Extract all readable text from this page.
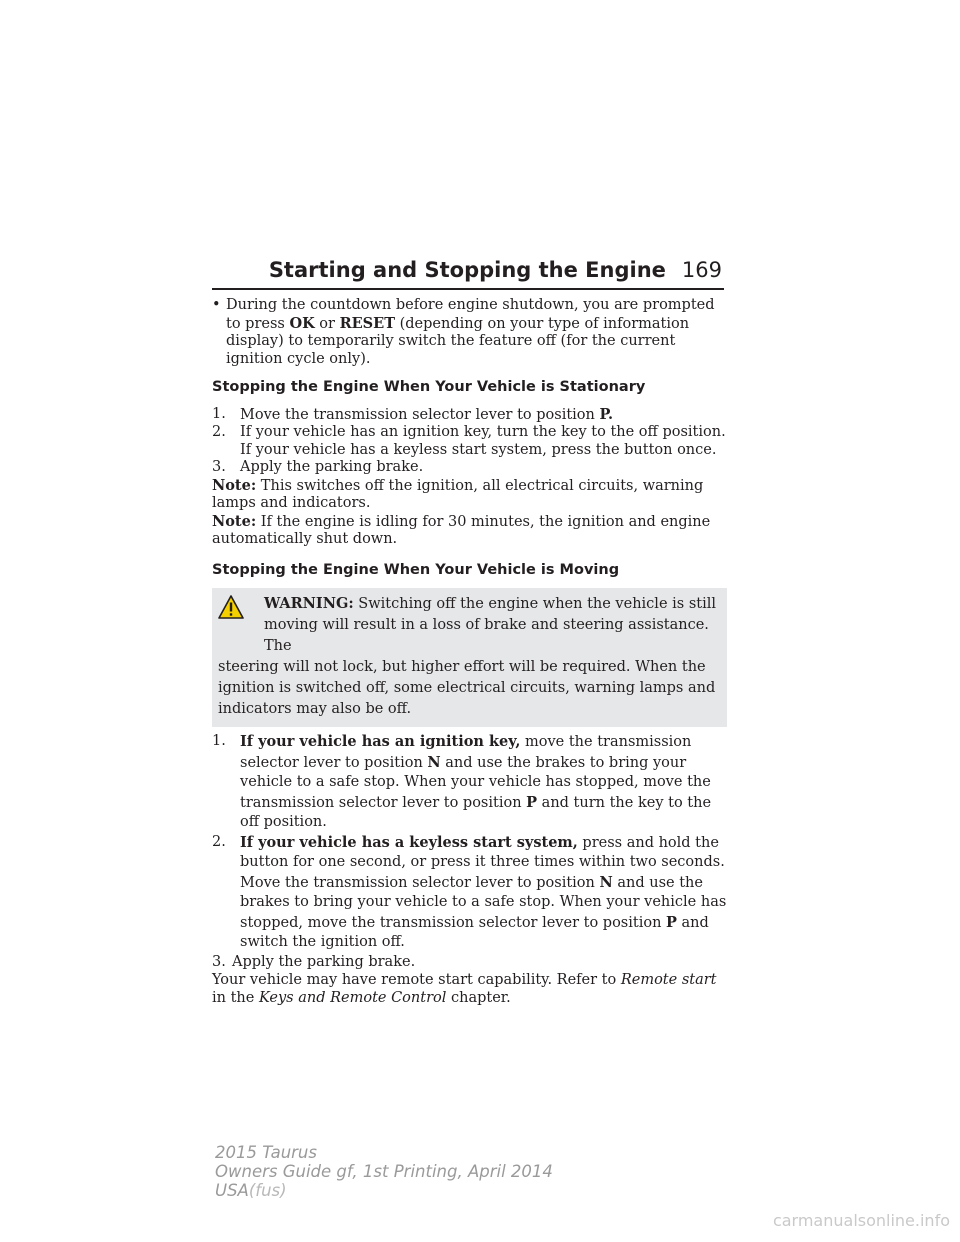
Starting and Stopping the Engine 169
• During the countdown before engine shutdown, you are prompted to press OK or RESET (depending on your type of information display) to temporarily switch the feature off (for the current ignition cycle only).
Stopping the Engine When Your Vehicle is Stationary
1. Move the transmission selector lever to position P.
2. If your vehicle has an ignition key, turn the key to the off position. If your vehicle has a keyless start system, press the button once.
3. Apply the parking brake.

Note: This switches off the ignition, all electrical circuits, warning lamps and indicators.

Note: If the engine is idling for 30 minutes, the ignition and engine automatically shut down.

Stopping the Engine When Your Vehicle is Moving
WARNING: Switching off the engine when the vehicle is still
moving will result in a loss of brake and steering assistance. The
steering will not lock, but higher effort will be required. When the ignition is switched off, some electrical circuits, warning lamps and indicators may also be off.
1. If your vehicle has an ignition key, move the transmission selector lever to position N and use the brakes to bring your vehicle to a safe stop. When your vehicle has stopped, move the transmission selector lever to position P and turn the key to the off position.
2. If your vehicle has a keyless start system, press and hold the button for one second, or press it three times within two seconds. Move the transmission selector lever to position N and use the brakes to bring your vehicle to a safe stop. When your vehicle has stopped, move the transmission selector lever to position P and switch the ignition off.
3. Apply the parking brake.

Your vehicle may have remote start capability. Refer to Remote start in the Keys and Remote Control chapter.

2015 Taurus
Owners Guide gf, 1st Printing, April 2014
USA(fus)
carmanualsonline.info
